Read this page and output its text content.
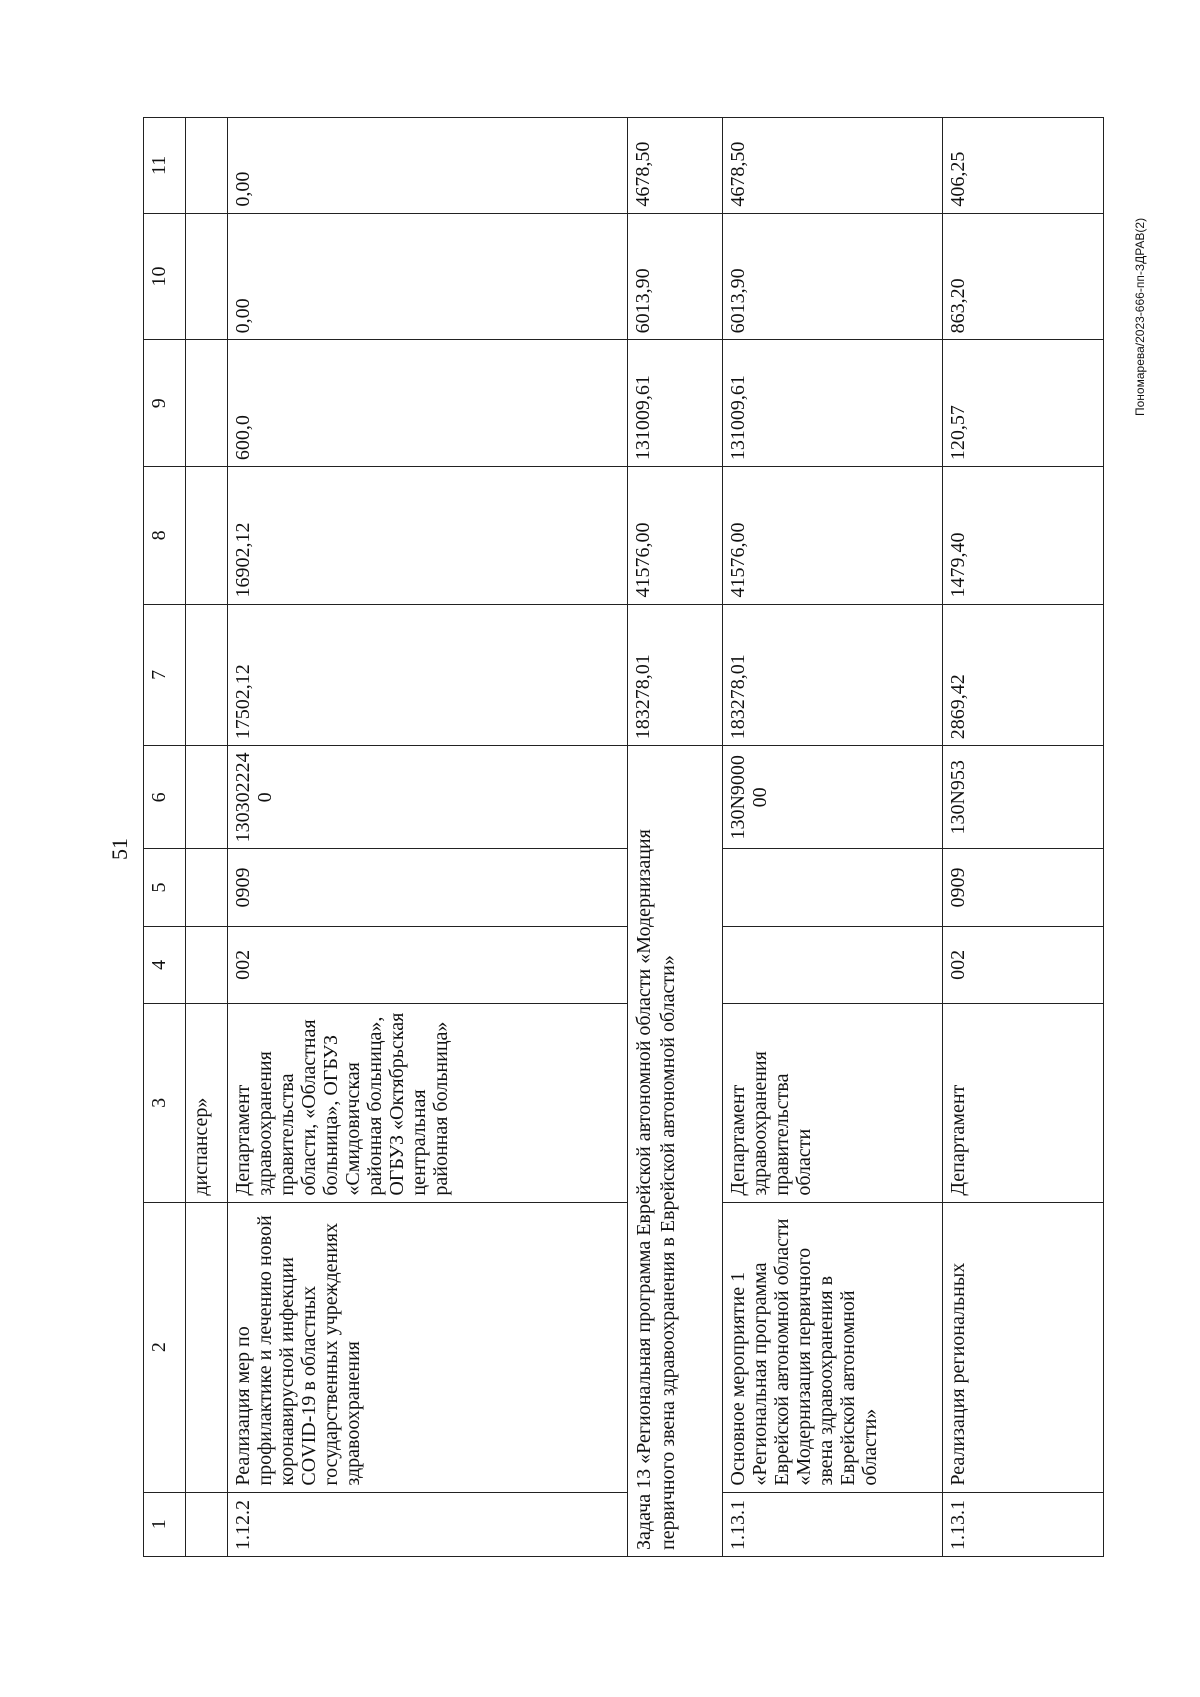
51
Пономарева/2023-666-пп-ЗДРАВ(2)
1	2	3	4	5	6	7	8	9	10	11
		диспансер»								
1.12.2	Реализация мер по профилактике и лечению новой коронавирусной инфекции COVID-19 в областных государственных учреждениях здравоохранения	Департамент здравоохранения правительства области, «Областная больница», ОГБУЗ «Смидовичская районная больница», ОГБУЗ «Октябрьская центральная районная больница»	002	0909	1303022240	17502,12	16902,12	600,0	0,00	0,00
Задача 13 «Региональная программа Еврейской автономной области «Модернизация первичного звена здравоохранения в Еврейской автономной области»						183278,01	41576,00	131009,61	6013,90	4678,50
1.13.1	Основное мероприятие 1 «Региональная программа Еврейской автономной области «Модернизация первичного звена здравоохранения в Еврейской автономной области»	Департамент здравоохранения правительства области			130N900000	183278,01	41576,00	131009,61	6013,90	4678,50
1.13.1	Реализация региональных	Департамент	002	0909	130N953	2869,42	1479,40	120,57	863,20	406,25
